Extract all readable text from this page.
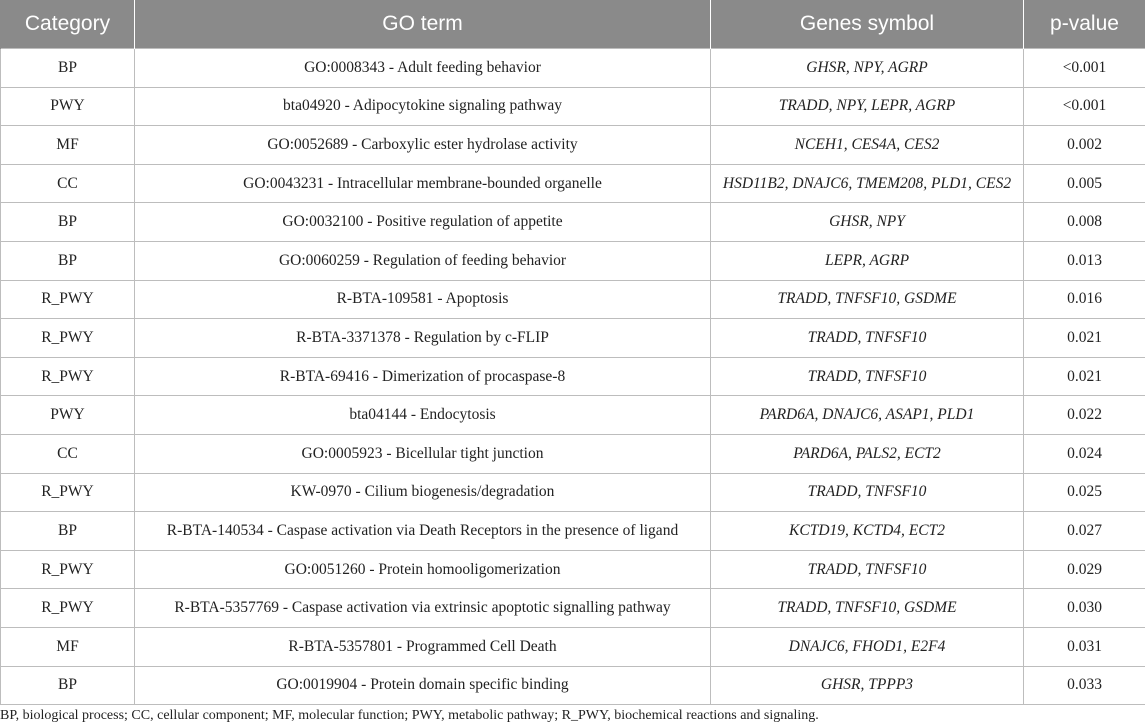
Category	GO term	Genes symbol	p-value
BP	GO:0008343 - Adult feeding behavior	GHSR, NPY, AGRP	<0.001
PWY	bta04920 - Adipocytokine signaling pathway	TRADD, NPY, LEPR, AGRP	<0.001
MF	GO:0052689 - Carboxylic ester hydrolase activity	NCEH1, CES4A, CES2	0.002
CC	GO:0043231 - Intracellular membrane-bounded organelle	HSD11B2, DNAJC6, TMEM208, PLD1, CES2	0.005
BP	GO:0032100 - Positive regulation of appetite	GHSR, NPY	0.008
BP	GO:0060259 - Regulation of feeding behavior	LEPR, AGRP	0.013
R_PWY	R-BTA-109581 - Apoptosis	TRADD, TNFSF10, GSDME	0.016
R_PWY	R-BTA-3371378 - Regulation by c-FLIP	TRADD, TNFSF10	0.021
R_PWY	R-BTA-69416 - Dimerization of procaspase-8	TRADD, TNFSF10	0.021
PWY	bta04144 - Endocytosis	PARD6A, DNAJC6, ASAP1, PLD1	0.022
CC	GO:0005923 - Bicellular tight junction	PARD6A, PALS2, ECT2	0.024
R_PWY	KW-0970 - Cilium biogenesis/degradation	TRADD, TNFSF10	0.025
BP	R-BTA-140534 - Caspase activation via Death Receptors in the presence of ligand	KCTD19, KCTD4, ECT2	0.027
R_PWY	GO:0051260 - Protein homooligomerization	TRADD, TNFSF10	0.029
R_PWY	R-BTA-5357769 - Caspase activation via extrinsic apoptotic signalling pathway	TRADD, TNFSF10, GSDME	0.030
MF	R-BTA-5357801 - Programmed Cell Death	DNAJC6, FHOD1, E2F4	0.031
BP	GO:0019904 - Protein domain specific binding	GHSR, TPPP3	0.033
BP, biological process; CC, cellular component; MF, molecular function; PWY, metabolic pathway; R_PWY, biochemical reactions and signaling.
